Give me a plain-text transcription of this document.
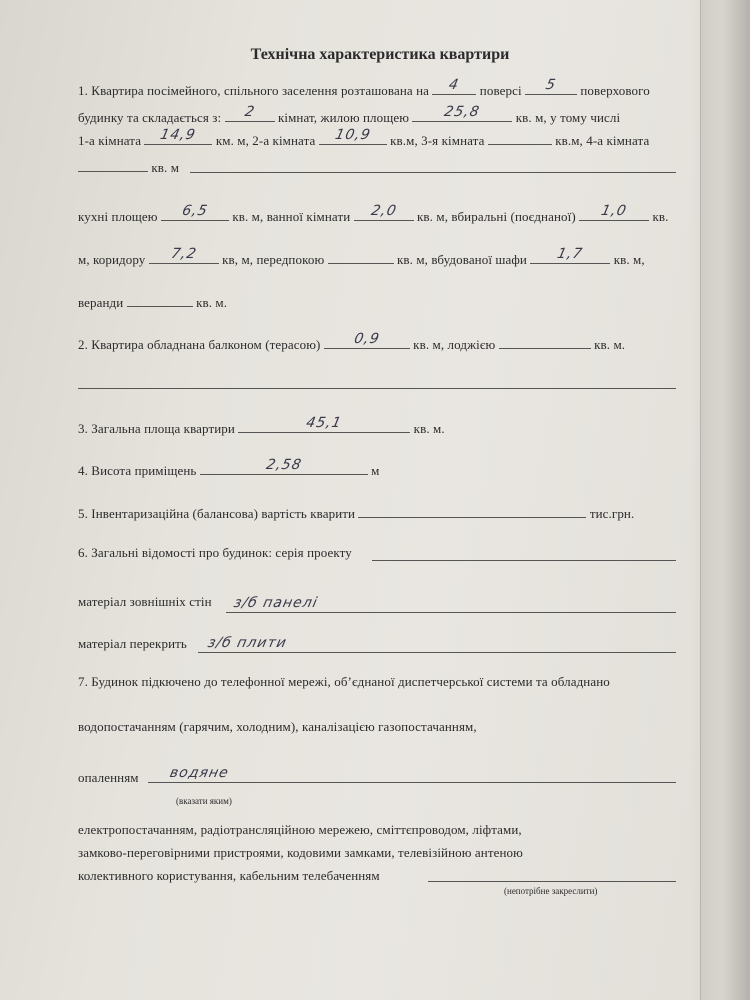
Технічна характеристика квартири
1. Квартира посімейного, спільного заселення розташована на	4	поверсі	5	поверхового
будинку та складається з:	2	кімнат, жилою площею	25,8	кв. м, у тому числі
1-а кімната	14,9	км. м, 2-а кімната	10,9	кв.м, 3-я кімната	кв.м, 4-а кімната
кв. м
кухні площею	6,5	кв. м, ванної кімнати	2,0	кв. м, вбиральні (поєднаної)	1,0	кв.
м, коридору	7,2	кв, м, передпокою	кв. м, вбудованої шафи	1,7	кв. м,
веранди	кв. м.
2. Квартира обладнана балконом (терасою)	0,9	кв. м, лоджією	кв. м.
3. Загальна площа квартири	45,1	кв. м.
4. Висота приміщень	2,58	м
5. Інвентаризаційна (балансова) вартість кварити	тис.грн.
6. Загальні відомості про будинок: серія проекту
матеріал зовнішніх стін з/б панелі
матеріал перекрить з/б плити
7. Будинок підкючено до телефонної мережі, об’єднаної диспетчерської системи та обладнано
водопостачанням (гарячим, холодним), каналізацією газопостачанням,
опаленням водяне
(вказати яким)
електропостачанням, радіотрансляційною мережею, сміттєпроводом, ліфтами,
замково-переговірними пристроями, кодовими замками, телевізійною антеною
колективного користування, кабельним телебаченням
(непотрібне закреслити)
